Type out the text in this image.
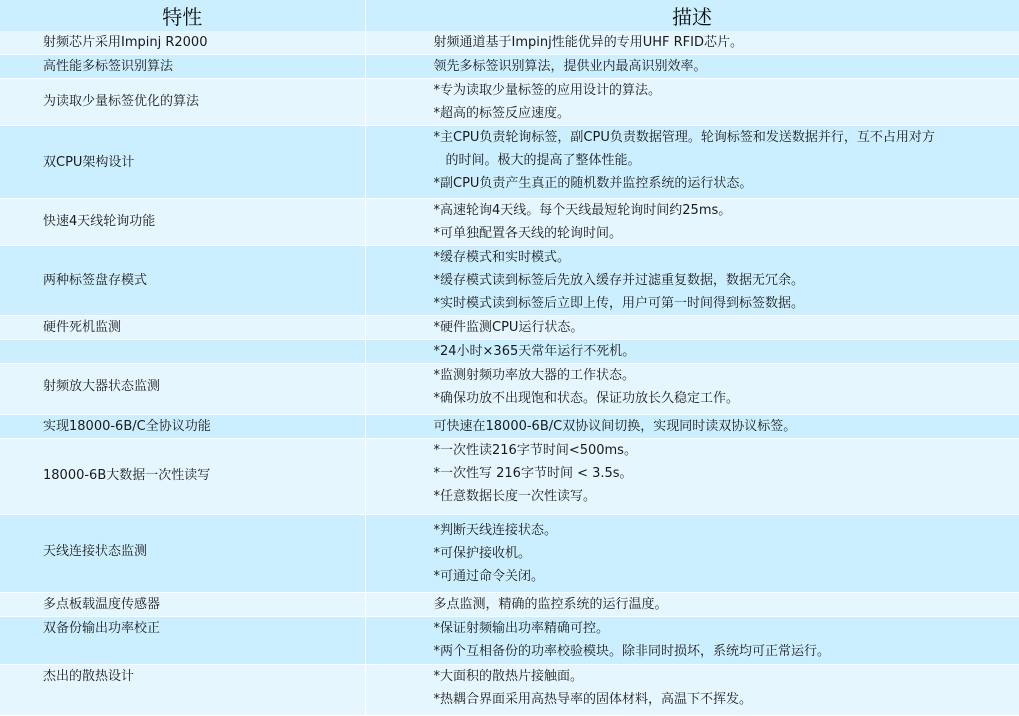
特性	描述

射频芯片采用Impinj R2000	射频通道基于Impinj性能优异的专用UHF RFID芯片。

高性能多标签识别算法	领先多标签识别算法，提供业内最高识别效率。

为读取少量标签优化的算法	*专为读取少量标签的应用设计的算法。
*超高的标签反应速度。

双CPU架构设计	*主CPU负责轮询标签，副CPU负责数据管理。轮询标签和发送数据并行，互不占用对方
的时间。极大的提高了整体性能。
*副CPU负责产生真正的随机数并监控系统的运行状态。

快速4天线轮询功能	*高速轮询4天线。每个天线最短轮询时间约25ms。
*可单独配置各天线的轮询时间。

两种标签盘存模式	*缓存模式和实时模式。
*缓存模式读到标签后先放入缓存并过滤重复数据，数据无冗余。
*实时模式读到标签后立即上传，用户可第一时间得到标签数据。

硬件死机监测	*硬件监测CPU运行状态。

	*24小时×365天常年运行不死机。

射频放大器状态监测	*监测射频功率放大器的工作状态。
*确保功放不出现饱和状态。保证功放长久稳定工作。

实现18000-6B/C全协议功能	可快速在18000-6B/C双协议间切换，实现同时读双协议标签。

18000-6B大数据一次性读写	*一次性读216字节时间<500ms。
*一次性写 216字节时间 < 3.5s。
*任意数据长度一次性读写。

天线连接状态监测	*判断天线连接状态。
*可保护接收机。
*可通过命令关闭。

多点板载温度传感器	多点监测，精确的监控系统的运行温度。

双备份输出功率校正	*保证射频输出功率精确可控。
*两个互相备份的功率校验模块。除非同时损坏，系统均可正常运行。

杰出的散热设计	*大面积的散热片接触面。
*热耦合界面采用高热导率的固体材料，高温下不挥发。
